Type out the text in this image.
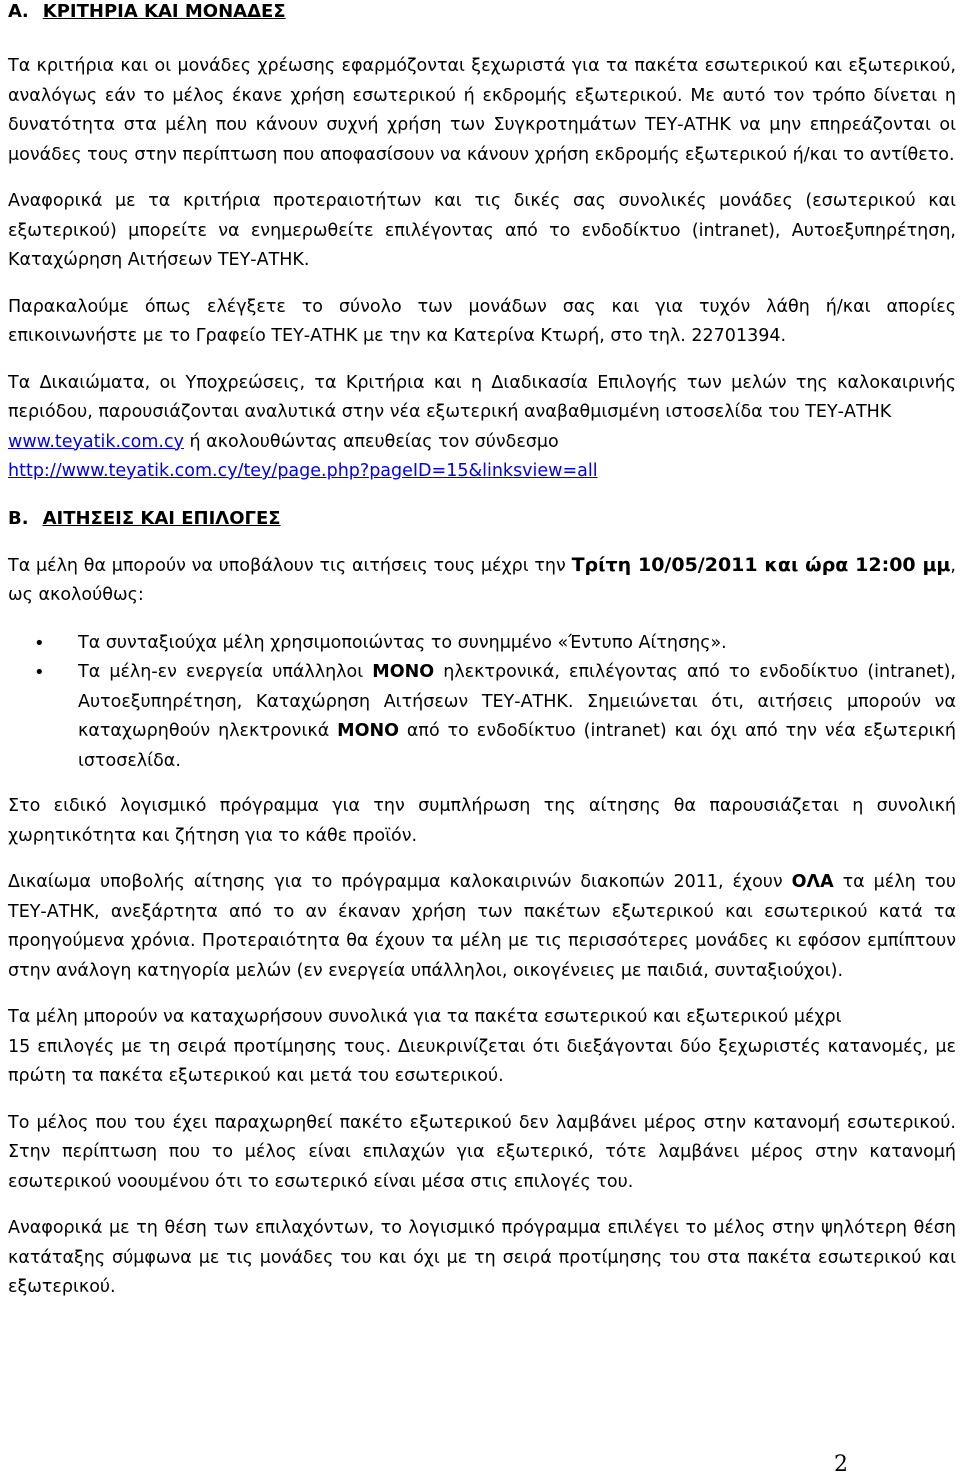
Α. ΚΡΙΤΗΡΙΑ ΚΑΙ ΜΟΝΑΔΕΣ

Τα κριτήρια και οι μονάδες χρέωσης εφαρμόζονται ξεχωριστά για τα πακέτα εσωτερικού και εξωτερικού, αναλόγως εάν το μέλος έκανε χρήση εσωτερικού ή εκδρομής εξωτερικού. Με αυτό τον τρόπο δίνεται η δυνατότητα στα μέλη που κάνουν συχνή χρήση των Συγκροτημάτων ΤΕΥ-ΑΤΗΚ να μην επηρεάζονται οι μονάδες τους στην περίπτωση που αποφασίσουν να κάνουν χρήση εκδρομής εξωτερικού ή/και το αντίθετο.

Αναφορικά με τα κριτήρια προτεραιοτήτων και τις δικές σας συνολικές μονάδες (εσωτερικού και εξωτερικού) μπορείτε να ενημερωθείτε επιλέγοντας από το ενδοδίκτυο (intranet), Αυτοεξυπηρέτηση, Καταχώρηση Αιτήσεων ΤΕΥ-ΑΤΗΚ.

Παρακαλούμε όπως ελέγξετε το σύνολο των μονάδων σας και για τυχόν λάθη ή/και απορίες επικοινωνήστε με το Γραφείο ΤΕΥ-ΑΤΗΚ με την κα Κατερίνα Κτωρή, στο τηλ. 22701394.

Τα Δικαιώματα, οι Υποχρεώσεις, τα Κριτήρια και η Διαδικασία Επιλογής των μελών της καλοκαιρινής περιόδου, παρουσιάζονται αναλυτικά στην νέα εξωτερική αναβαθμισμένη ιστοσελίδα του ΤΕΥ-ΑΤΗΚ
www.teyatik.com.cy ή ακολουθώντας απευθείας τον σύνδεσμο
http://www.teyatik.com.cy/tey/page.php?pageID=15&linksview=all

Β. ΑΙΤΗΣΕΙΣ ΚΑΙ ΕΠΙΛΟΓΕΣ

Τα μέλη θα μπορούν να υποβάλουν τις αιτήσεις τους μέχρι την Τρίτη 10/05/2011 και ώρα 12:00 μμ, ως ακολούθως:

• Τα συνταξιούχα μέλη χρησιμοποιώντας το συνημμένο «Έντυπο Αίτησης».
• Τα μέλη-εν ενεργεία υπάλληλοι ΜΟΝΟ ηλεκτρονικά, επιλέγοντας από το ενδοδίκτυο (intranet), Αυτοεξυπηρέτηση, Καταχώρηση Αιτήσεων ΤΕΥ-ΑΤΗΚ. Σημειώνεται ότι, αιτήσεις μπορούν να καταχωρηθούν ηλεκτρονικά ΜΟΝΟ από το ενδοδίκτυο (intranet) και όχι από την νέα εξωτερική ιστοσελίδα.

Στο ειδικό λογισμικό πρόγραμμα για την συμπλήρωση της αίτησης θα παρουσιάζεται η συνολική χωρητικότητα και ζήτηση για το κάθε προϊόν.

Δικαίωμα υποβολής αίτησης για το πρόγραμμα καλοκαιρινών διακοπών 2011, έχουν ΟΛΑ τα μέλη του ΤΕΥ-ΑΤΗΚ, ανεξάρτητα από το αν έκαναν χρήση των πακέτων εξωτερικού και εσωτερικού κατά τα προηγούμενα χρόνια. Προτεραιότητα θα έχουν τα μέλη με τις περισσότερες μονάδες κι εφόσον εμπίπτουν στην ανάλογη κατηγορία μελών (εν ενεργεία υπάλληλοι, οικογένειες με παιδιά, συνταξιούχοι).

Τα μέλη μπορούν να καταχωρήσουν συνολικά για τα πακέτα εσωτερικού και εξωτερικού μέχρι
15 επιλογές με τη σειρά προτίμησης τους. Διευκρινίζεται ότι διεξάγονται δύο ξεχωριστές κατανομές, με πρώτη τα πακέτα εξωτερικού και μετά του εσωτερικού.

Το μέλος που του έχει παραχωρηθεί πακέτο εξωτερικού δεν λαμβάνει μέρος στην κατανομή εσωτερικού. Στην περίπτωση που το μέλος είναι επιλαχών για εξωτερικό, τότε λαμβάνει μέρος στην κατανομή εσωτερικού νοουμένου ότι το εσωτερικό είναι μέσα στις επιλογές του.

Αναφορικά με τη θέση των επιλαχόντων, το λογισμικό πρόγραμμα επιλέγει το μέλος στην ψηλότερη θέση κατάταξης σύμφωνα με τις μονάδες του και όχι με τη σειρά προτίμησης του στα πακέτα εσωτερικού και εξωτερικού.

2
